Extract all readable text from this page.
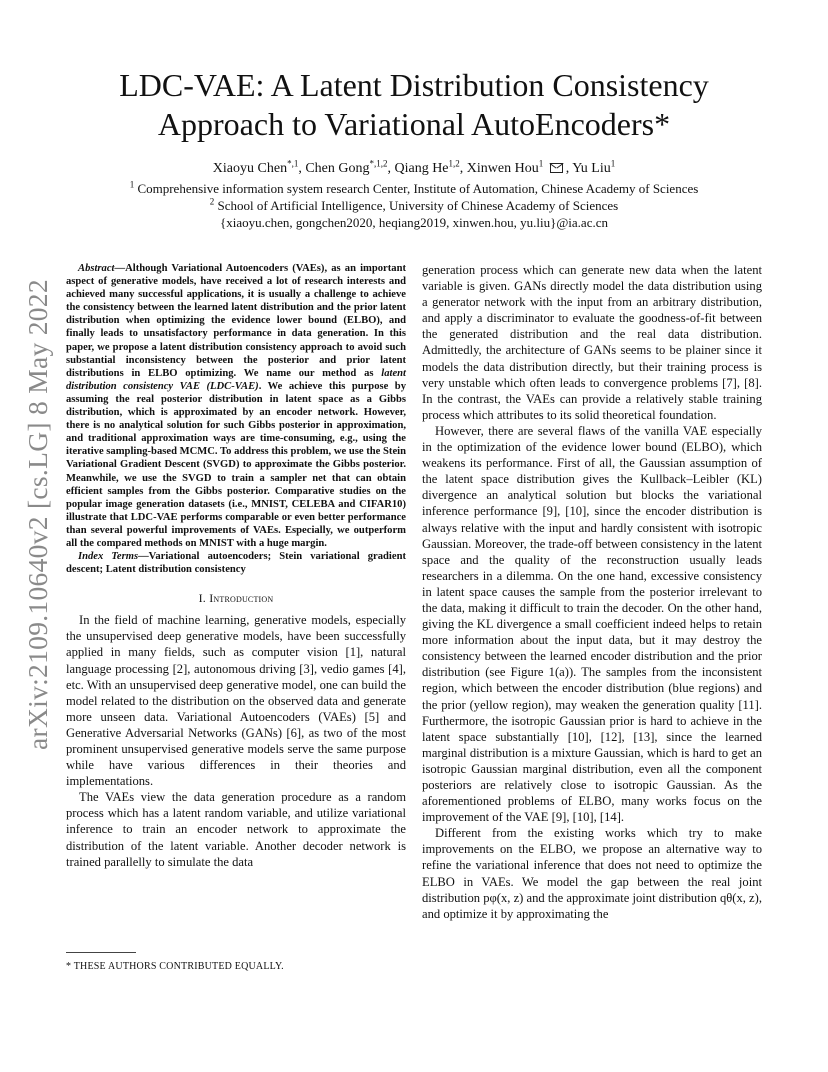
arXiv:2109.10640v2 [cs.LG] 8 May 2022
LDC-VAE: A Latent Distribution Consistency
Approach to Variational AutoEncoders*
Xiaoyu Chen$^{*,1}$, Chen Gong$^{*,1,2}$, Qiang He$^{1,2}$, Xinwen Hou$^1$ , Yu Liu$^1$
$^1$ Comprehensive information system research Center, Institute of Automation, Chinese Academy of Sciences
$^2$ School of Artificial Intelligence, University of Chinese Academy of Sciences
{xiaoyu.chen, gongchen2020, heqiang2019, xinwen.hou, yu.liu}@ia.ac.cn

Abstract—Although Variational Autoencoders (VAEs), as an important aspect of generative models, have received a lot of research interests and achieved many successful applications, it is usually a challenge to achieve the consistency between the learned latent distribution and the prior latent distribution when optimizing the evidence lower bound (ELBO), and finally leads to unsatisfactory performance in data generation. In this paper, we propose a latent distribution consistency approach to avoid such substantial inconsistency between the posterior and prior latent distributions in ELBO optimizing. We name our method as latent distribution consistency VAE (LDC-VAE). We achieve this purpose by assuming the real posterior distribution in latent space as a Gibbs distribution, which is approximated by an encoder network. However, there is no analytical solution for such Gibbs posterior in approximation, and traditional approximation ways are time-consuming, e.g., using the iterative sampling-based MCMC. To address this problem, we use the Stein Variational Gradient Descent (SVGD) to approximate the Gibbs posterior. Meanwhile, we use the SVGD to train a sampler net that can obtain efficient samples from the Gibbs posterior. Comparative studies on the popular image generation datasets (i.e., MNIST, CELEBA and CIFAR10) illustrate that LDC-VAE performs comparable or even better performance than several powerful improvements of VAEs. Especially, we outperform all the compared methods on MNIST with a huge margin.

Index Terms—Variational autoencoders; Stein variational gradient descent; Latent distribution consistency

I. Introduction

In the field of machine learning, generative models, especially the unsupervised deep generative models, have been successfully applied in many fields, such as computer vision [1], natural language processing [2], autonomous driving [3], vedio games [4], etc. With an unsupervised deep generative model, one can build the model related to the distribution on the observed data and generate more unseen data. Variational Autoencoders (VAEs) [5] and Generative Adversarial Networks (GANs) [6], as two of the most prominent unsupervised generative models serve the same purpose while have various differences in their theories and implementations.

The VAEs view the data generation procedure as a random process which has a latent random variable, and utilize variational inference to train an encoder network to approximate the distribution of the latent variable. Another decoder network is trained parallelly to simulate the data

generation process which can generate new data when the latent variable is given. GANs directly model the data distribution using a generator network with the input from an arbitrary distribution, and apply a discriminator to evaluate the goodness-of-fit between the generated distribution and the real data distribution. Admittedly, the architecture of GANs seems to be plainer since it models the data distribution directly, but their training process is very unstable which often leads to convergence problems [7], [8]. In the contrast, the VAEs can provide a relatively stable training process which attributes to its solid theoretical foundation.

However, there are several flaws of the vanilla VAE especially in the optimization of the evidence lower bound (ELBO), which weakens its performance. First of all, the Gaussian assumption of the latent space distribution gives the Kullback–Leibler (KL) divergence an analytical solution but blocks the variational inference performance [9], [10], since the encoder distribution is always relative with the input and hardly consistent with isotropic Gaussian. Moreover, the trade-off between consistency in the latent space and the quality of the reconstruction usually leads researchers in a dilemma. On the one hand, excessive consistency in latent space causes the sample from the posterior irrelevant to the data, making it difficult to train the decoder. On the other hand, giving the KL divergence a small coefficient indeed helps to retain more information about the input data, but it may destroy the consistency between the learned encoder distribution and the prior distribution (see Figure 1(a)). The samples from the inconsistent region, which between the encoder distribution (blue regions) and the prior (yellow region), may weaken the generation quality [11]. Furthermore, the isotropic Gaussian prior is hard to achieve in the latent space substantially [10], [12], [13], since the learned marginal distribution is a mixture Gaussian, which is hard to get an isotropic Gaussian marginal distribution, even all the component posteriors are relatively close to isotropic Gaussian. As the aforementioned problems of ELBO, many works focus on the improvement of the VAE [9], [10], [14].

Different from the existing works which try to make improvements on the ELBO, we propose an alternative way to refine the variational inference that does not need to optimize the ELBO in VAEs. We model the gap between the real joint distribution pφ(x, z) and the approximate joint distribution qθ(x, z), and optimize it by approximating the

* THESE AUTHORS CONTRIBUTED EQUALLY.
